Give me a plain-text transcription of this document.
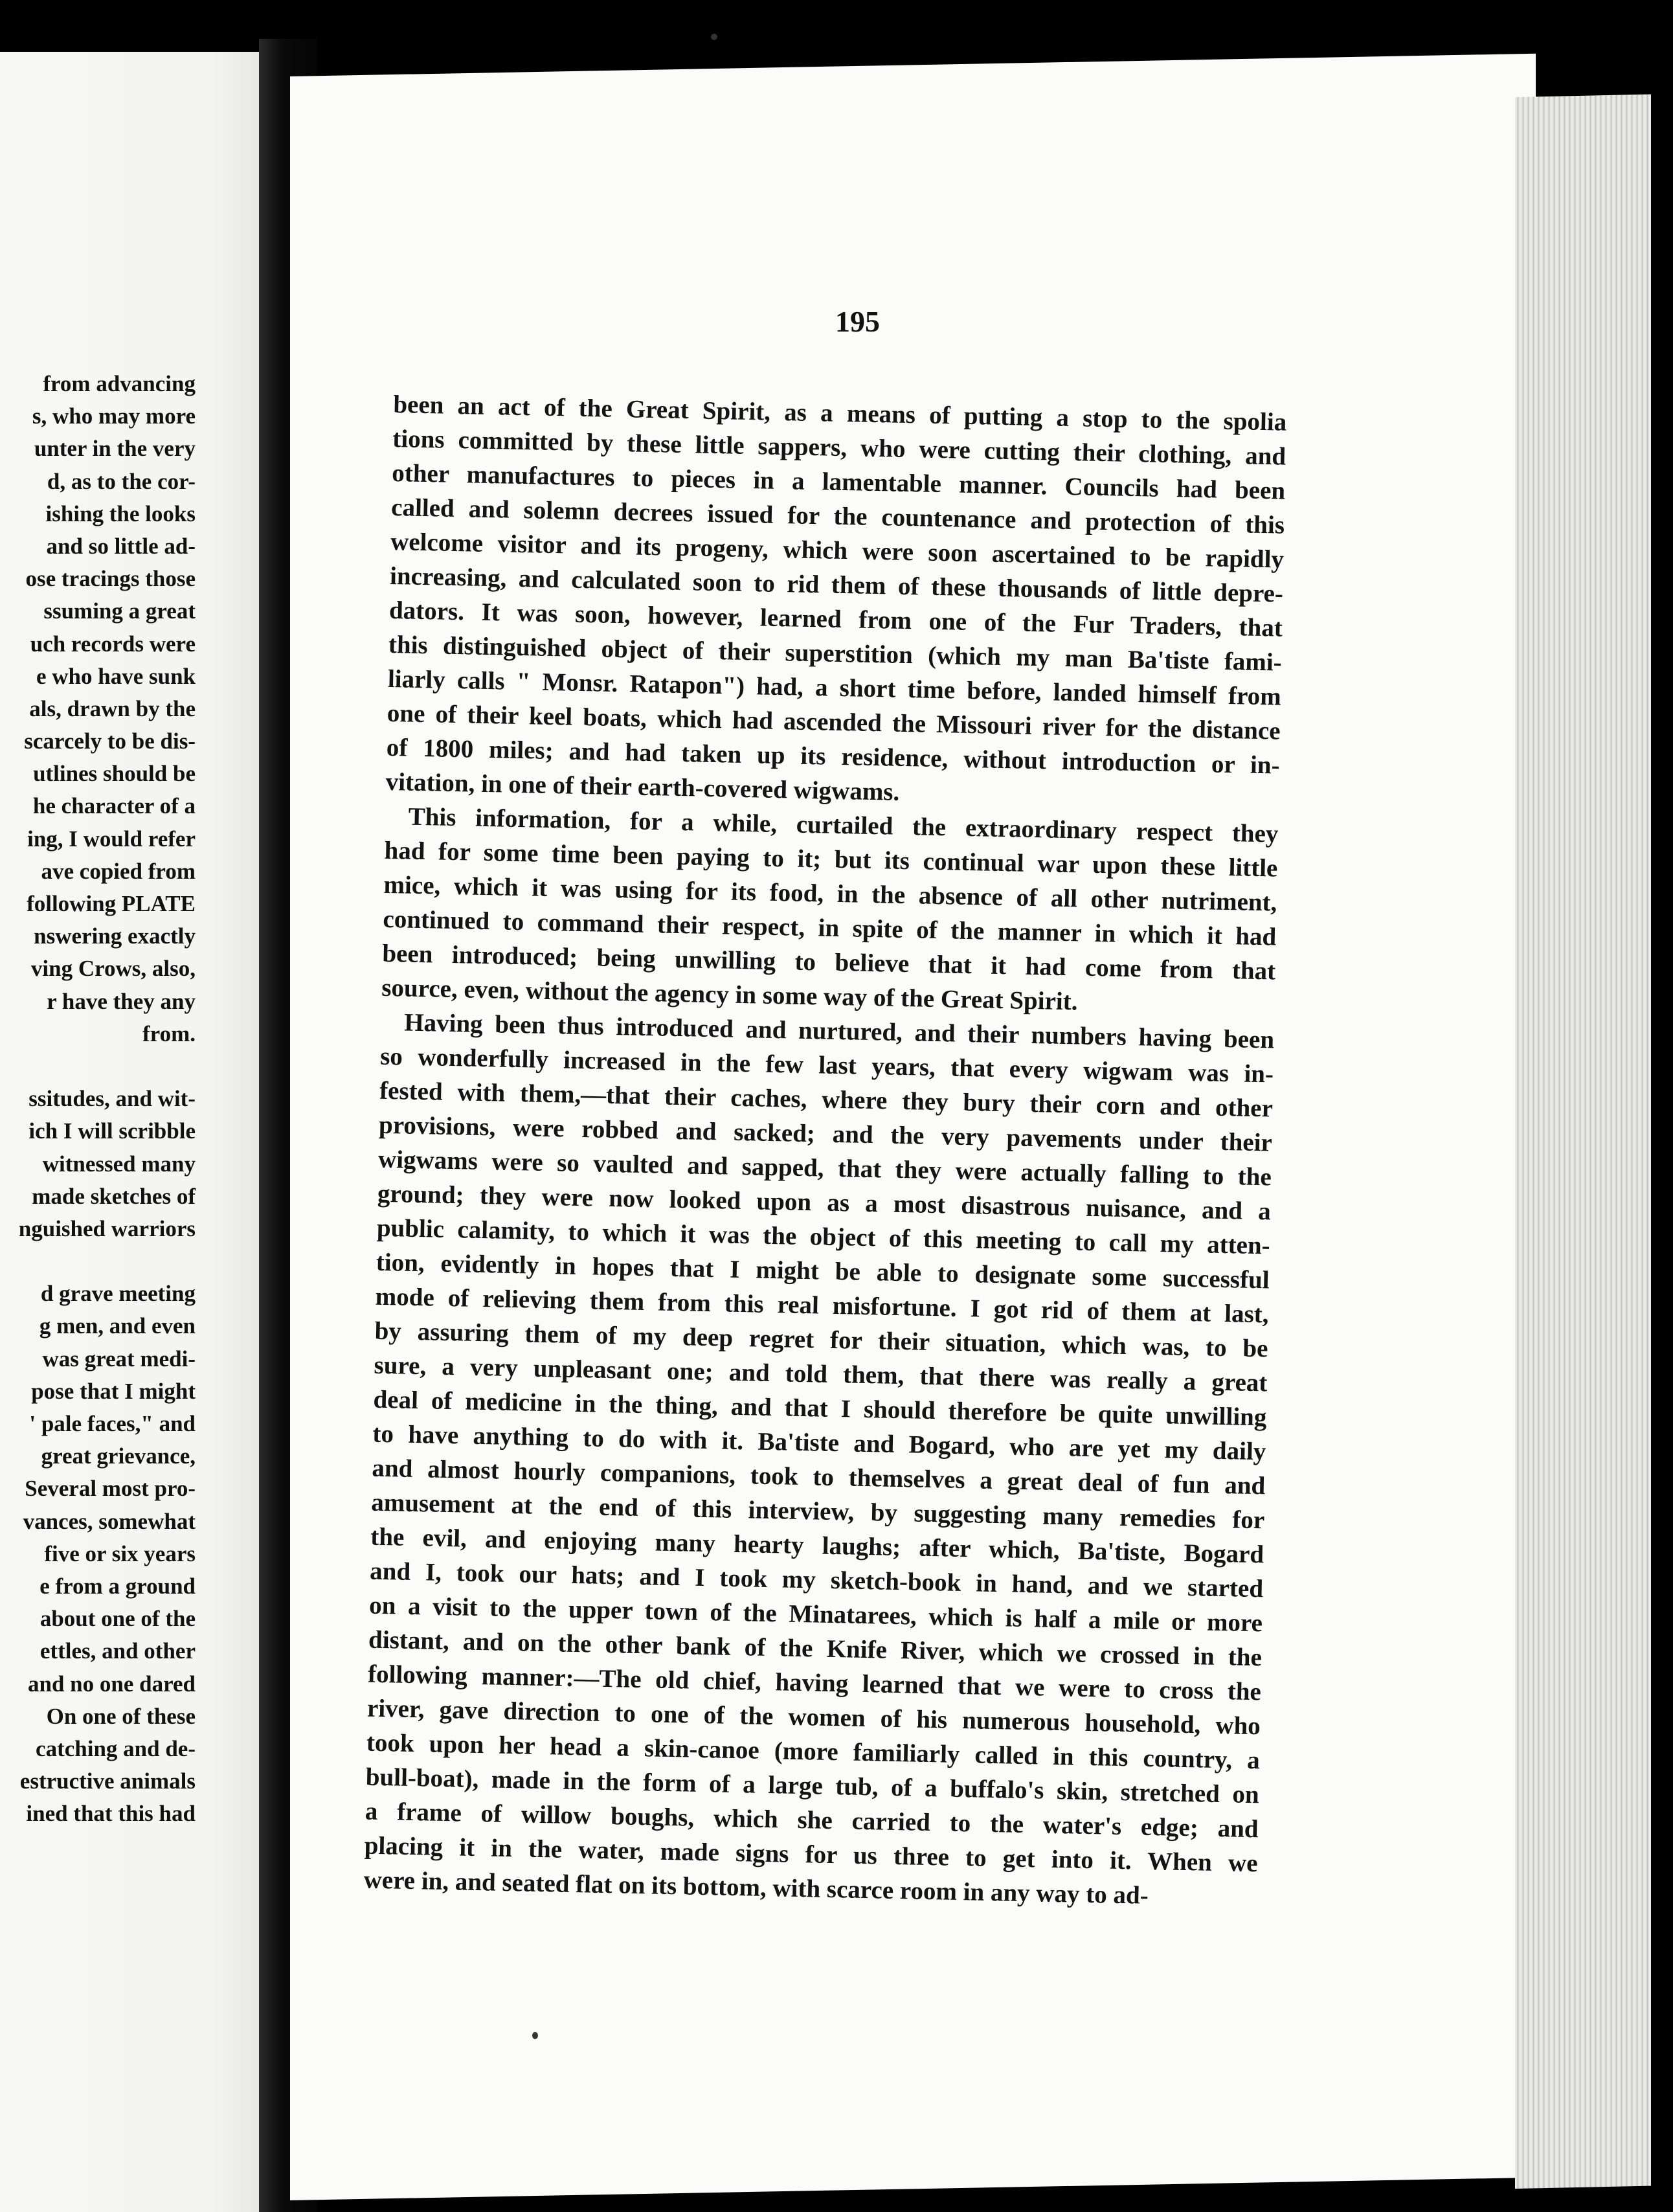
from advancing
s, who may more
unter in the very
d, as to the cor-
ishing the looks
and so little ad-
ose tracings those
ssuming a great
uch records were
e who have sunk
als, drawn by the
scarcely to be dis-
utlines should be
he character of a
ing, I would refer
ave copied from
following PLATE
nswering exactly
ving Crows, also,
r have they any
from.
ssitudes, and wit-
ich I will scribble
witnessed many
made sketches of
nguished warriors
d grave meeting
g men, and even
was great medi-
pose that I might
' pale faces," and
great grievance,
Several most pro-
vances, somewhat
five or six years
e from a ground
about one of the
ettles, and other
and no one dared
On one of these
catching and de-
estructive animals
ined that this had
195
been an act of the Great Spirit, as a means of putting a stop to the spolia
tions committed by these little sappers, who were cutting their clothing, and
other manufactures to pieces in a lamentable manner. Councils had been
called and solemn decrees issued for the countenance and protection of this
welcome visitor and its progeny, which were soon ascertained to be rapidly
increasing, and calculated soon to rid them of these thousands of little depre-
dators. It was soon, however, learned from one of the Fur Traders, that
this distinguished object of their superstition (which my man Ba'tiste fami-
liarly calls " Monsr. Ratapon") had, a short time before, landed himself from
one of their keel boats, which had ascended the Missouri river for the distance
of 1800 miles; and had taken up its residence, without introduction or in-
vitation, in one of their earth-covered wigwams.
This information, for a while, curtailed the extraordinary respect they
had for some time been paying to it; but its continual war upon these little
mice, which it was using for its food, in the absence of all other nutriment,
continued to command their respect, in spite of the manner in which it had
been introduced; being unwilling to believe that it had come from that
source, even, without the agency in some way of the Great Spirit.
Having been thus introduced and nurtured, and their numbers having been
so wonderfully increased in the few last years, that every wigwam was in-
fested with them,—that their caches, where they bury their corn and other
provisions, were robbed and sacked; and the very pavements under their
wigwams were so vaulted and sapped, that they were actually falling to the
ground; they were now looked upon as a most disastrous nuisance, and a
public calamity, to which it was the object of this meeting to call my atten-
tion, evidently in hopes that I might be able to designate some successful
mode of relieving them from this real misfortune. I got rid of them at last,
by assuring them of my deep regret for their situation, which was, to be
sure, a very unpleasant one; and told them, that there was really a great
deal of medicine in the thing, and that I should therefore be quite unwilling
to have anything to do with it. Ba'tiste and Bogard, who are yet my daily
and almost hourly companions, took to themselves a great deal of fun and
amusement at the end of this interview, by suggesting many remedies for
the evil, and enjoying many hearty laughs; after which, Ba'tiste, Bogard
and I, took our hats; and I took my sketch-book in hand, and we started
on a visit to the upper town of the Minatarees, which is half a mile or more
distant, and on the other bank of the Knife River, which we crossed in the
following manner:—The old chief, having learned that we were to cross the
river, gave direction to one of the women of his numerous household, who
took upon her head a skin-canoe (more familiarly called in this country, a
bull-boat), made in the form of a large tub, of a buffalo's skin, stretched on
a frame of willow boughs, which she carried to the water's edge; and
placing it in the water, made signs for us three to get into it. When we
were in, and seated flat on its bottom, with scarce room in any way to ad-
